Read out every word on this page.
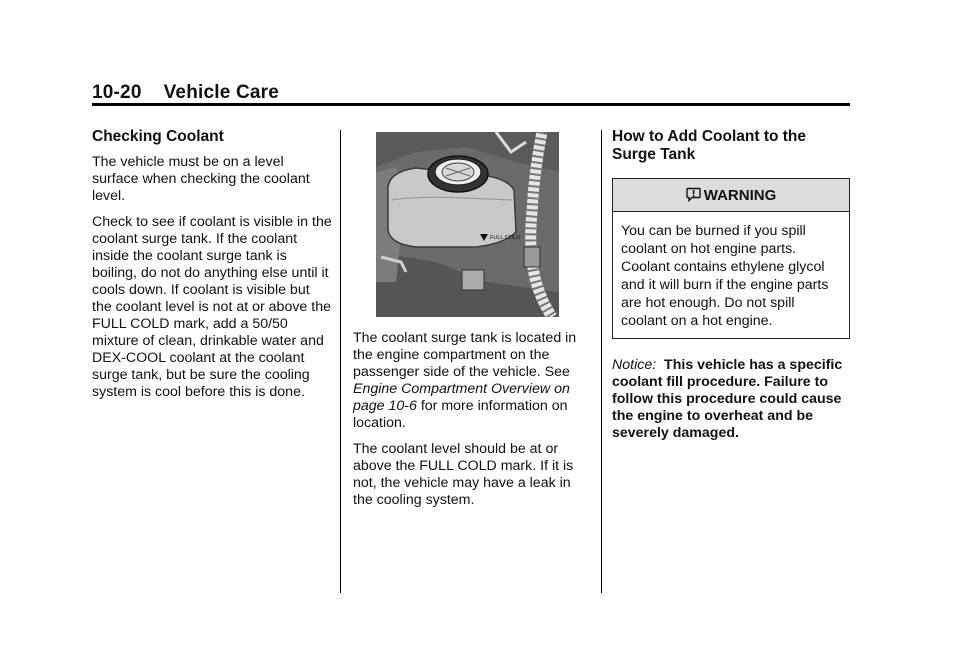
10-20 Vehicle Care
Checking Coolant

The vehicle must be on a level surface when checking the coolant level.

Check to see if coolant is visible in the coolant surge tank. If the coolant inside the coolant surge tank is boiling, do not do anything else until it cools down. If coolant is visible but the coolant level is not at or above the FULL COLD mark, add a 50/50 mixture of clean, drinkable water and DEX-COOL coolant at the coolant surge tank, but be sure the cooling system is cool before this is done.

FULL COLD

The coolant surge tank is located in the engine compartment on the passenger side of the vehicle. See Engine Compartment Overview on page 10-6 for more information on location.

The coolant level should be at or above the FULL COLD mark. If it is not, the vehicle may have a leak in the cooling system.

How to Add Coolant to the Surge Tank
WARNING
You can be burned if you spill coolant on hot engine parts. Coolant contains ethylene glycol and it will burn if the engine parts are hot enough. Do not spill coolant on a hot engine.

Notice: This vehicle has a specific coolant fill procedure. Failure to follow this procedure could cause the engine to overheat and be severely damaged.
